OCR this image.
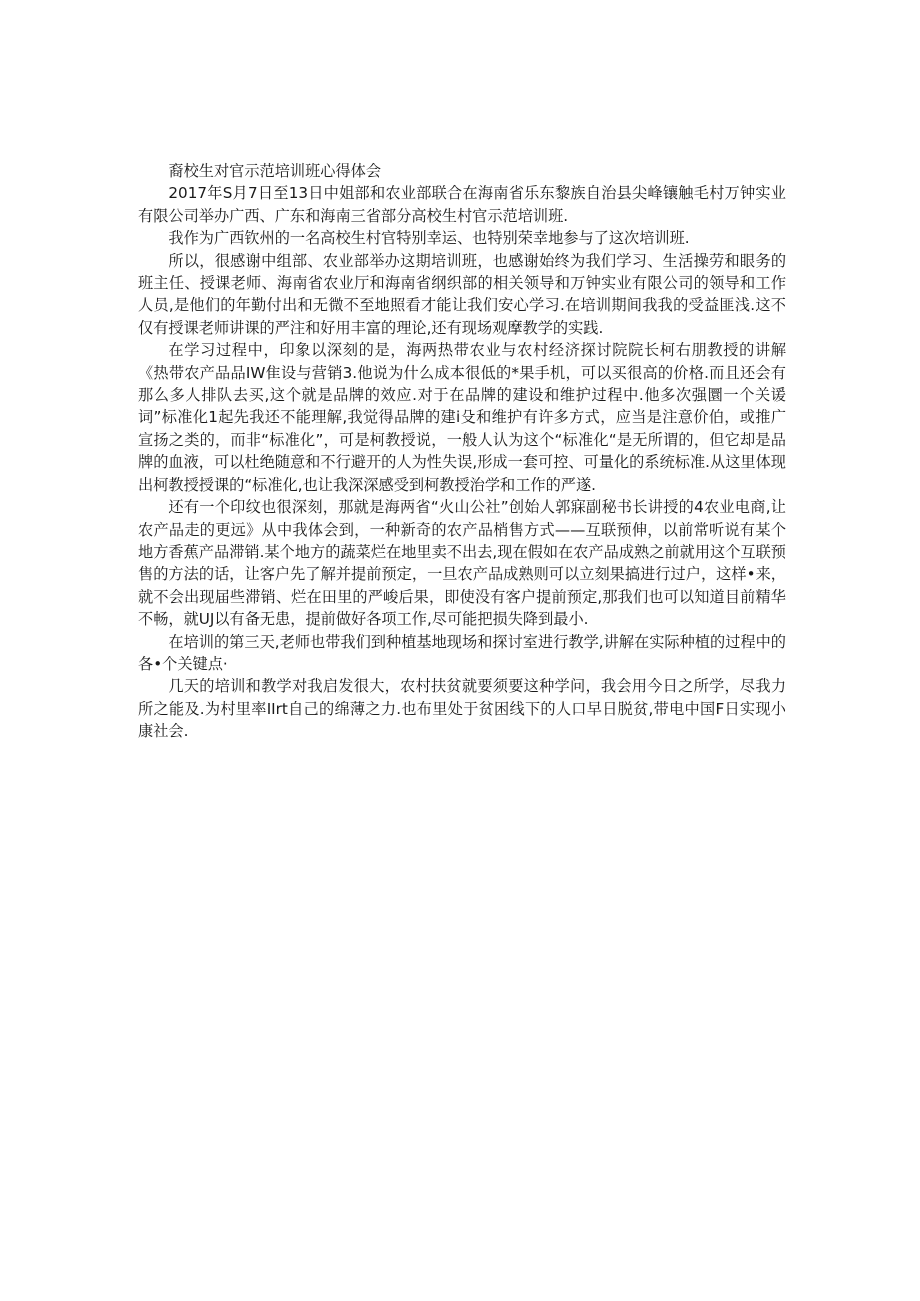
裔校生对官示范培训班心得体会

2017年S月7日至13日中姐部和农业部联合在海南省乐东黎族自治县尖峰镶触毛村万钟实业有限公司举办广西、广东和海南三省部分高校生村官示范培训班.

我作为广西钦州的一名高校生村官特别幸运、也特别荣幸地参与了这次培训班.

所以，很感谢中组部、农业部举办这期培训班，也感谢始终为我们学习、生活操劳和眼务的班主任、授课老师、海南省农业厅和海南省纲织部的相关领导和万钟实业有限公司的领导和工作人员,是他们的年勤付出和无微不至地照看才能让我们安心学习.在培训期间我我的受益匪浅.这不仅有授课老师讲课的严注和好用丰富的理论,还有现场观摩教学的实践.

在学习过程中，印象以深刻的是，海两热带农业与农村经济探讨院院长柯右朋教授的讲解《热带农产品品IW隹设与营销3.他说为什么成本很低的*果手机，可以买很高的价格.而且还会有那么多人排队去买,这个就是品牌的效应.对于在品牌的建设和维护过程中.他多次强圜一个关谖词”标准化1起先我还不能理解,我觉得品牌的建i殳和维护有许多方式，应当是注意价伯，或推广宣扬之类的，而非“标准化”，可是柯教授说，一般人认为这个“标准化“是无所谓的，但它却是品牌的血液，可以杜绝随意和不行避开的人为性失误,形成一套可控、可量化的系统标准.从这里体现出柯教授授课的“标准化,也让我深深感受到柯教授治学和工作的严遂.

还有一个印纹也很深刻，那就是海两省“火山公社”创始人郭寐副秘书长讲授的4农业电商,让农产品走的更远》从中我体会到，一种新奇的农产品梢售方式——互联预伸，以前常听说有某个地方香蕉产品滞销.某个地方的蔬菜烂在地里卖不出去,现在假如在农产品成熟之前就用这个互联预售的方法的话，让客户先了解并提前预定，一旦农产品成熟则可以立刻果搞进行过户，这样•来，就不会出现届些滞销、烂在田里的严峻后果，即使没有客户提前预定,那我们也可以知道目前精华不畅，就UJ以有备无患，提前做好各项工作,尽可能把损失降到最小.

在培训的第三天,老师也带我们到种植基地现场和探讨室进行教学,讲解在实际种植的过程中的各•个关键点·

几天的培训和教学对我启发很大，农村扶贫就要须要这种学问，我会用今日之所学，尽我力所之能及.为村里率IIrt自己的绵薄之力.也布里处于贫困线下的人口早日脱贫,带电中国F日实现小康社会.
